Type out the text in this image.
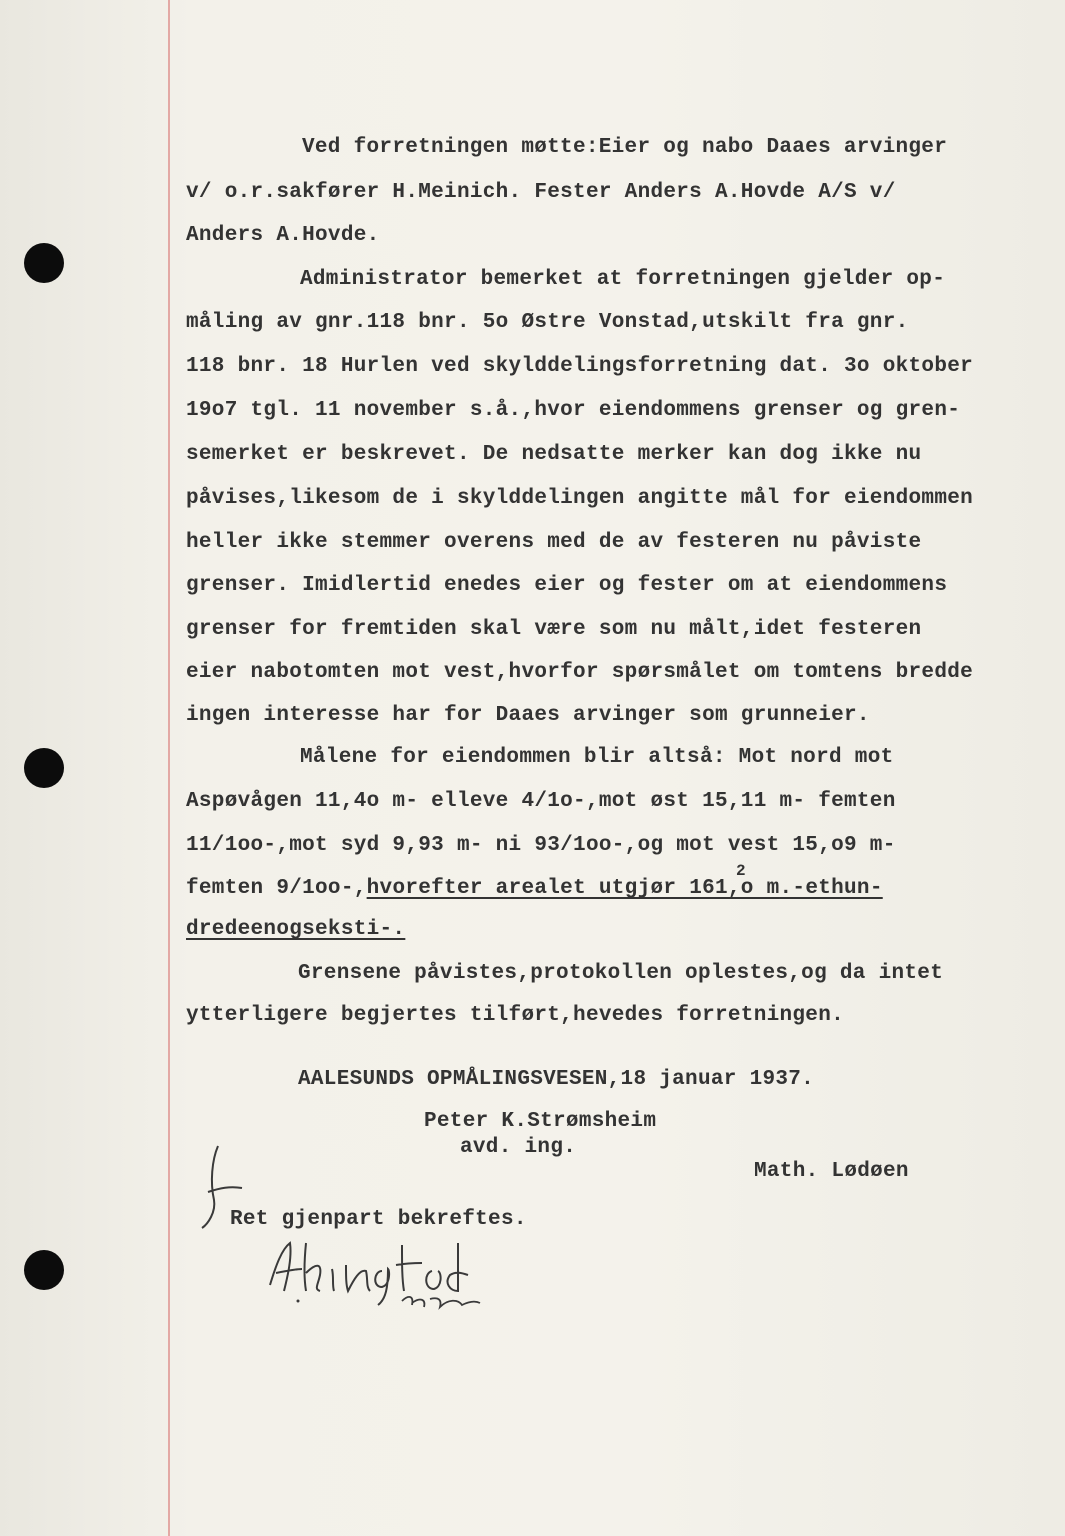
Ved forretningen møtte:Eier og nabo Daaes arvinger
v/ o.r.sakfører H.Meinich. Fester Anders A.Hovde A/S v/
Anders A.Hovde.
Administrator bemerket at forretningen gjelder op-
måling av gnr.118 bnr. 5o Østre Vonstad,utskilt fra gnr.
118 bnr. 18 Hurlen ved skylddelingsforretning dat. 3o oktober
19o7 tgl. 11 november s.å.,hvor eiendommens grenser og gren-
semerket er beskrevet. De nedsatte merker kan dog ikke nu
påvises,likesom de i skylddelingen angitte mål for eiendommen
heller ikke stemmer overens med de av festeren nu påviste
grenser. Imidlertid enedes eier og fester om at eiendommens
grenser for fremtiden skal være som nu målt,idet festeren
eier nabotomten mot vest,hvorfor spørsmålet om tomtens bredde
ingen interesse har for Daaes arvinger som grunneier.
Målene for eiendommen blir altså: Mot nord mot
Aspøvågen 11,4o m- elleve 4/1o-,mot øst 15,11 m- femten
11/1oo-,mot syd 9,93 m- ni 93/1oo-,og mot vest 15,o9 m-
femten 9/1oo-,hvorefter arealet utgjør 161,o m.-ethun-
2
dredeenogseksti-.
Grensene påvistes,protokollen oplestes,og da intet
ytterligere begjertes tilført,hevedes forretningen.
AALESUNDS OPMÅLINGSVESEN,18 januar 1937.
Peter K.Strømsheim
avd. ing.
Math. Lødøen
Ret gjenpart bekreftes.
